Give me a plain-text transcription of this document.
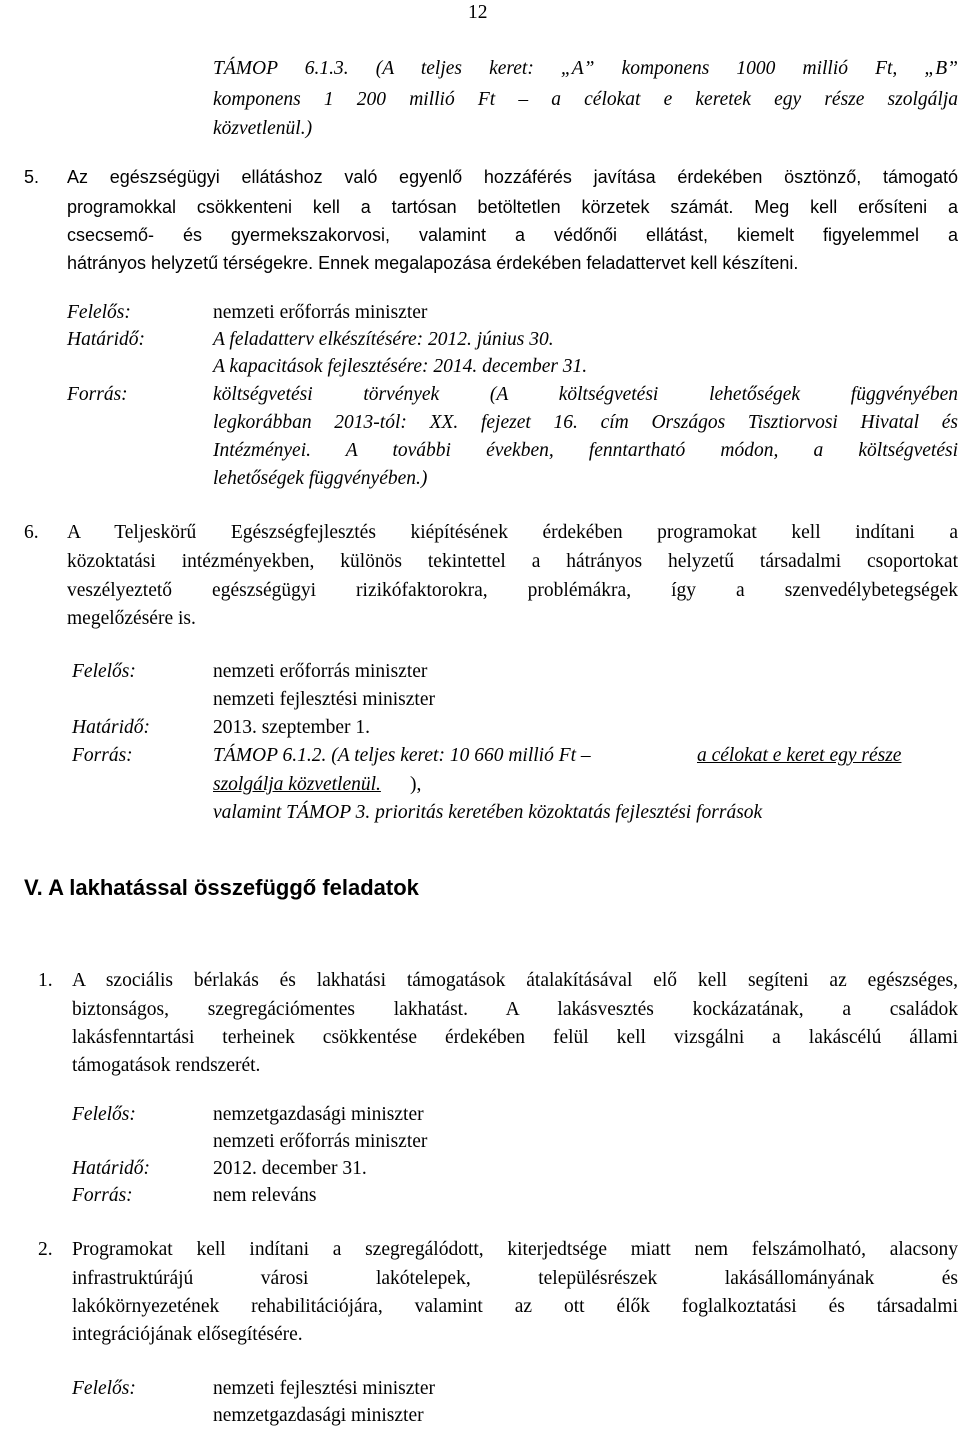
12
TÁMOP 6.1.3. (A teljes keret: „A” komponens 1000 millió Ft, „B”
komponens 1 200 millió Ft – a célokat e keretek egy része szolgálja
közvetlenül.)
5. Az egészségügyi ellátáshoz való egyenlő hozzáférés javítása érdekében ösztönző, támogató
programokkal csökkenteni kell a tartósan betöltetlen körzetek számát. Meg kell erősíteni a
csecsemő- és gyermekszakorvosi, valamint a védőnői ellátást, kiemelt figyelemmel a
hátrányos helyzetű térségekre. Ennek megalapozása érdekében feladattervet kell készíteni.
Felelős:	nemzeti erőforrás miniszter
Határidő:	A feladatterv elkészítésére: 2012. június 30.
A kapacitások fejlesztésére: 2014. december 31.
Forrás:	költségvetési törvények (A költségvetési lehetőségek függvényében
legkorábban 2013-tól: XX. fejezet 16. cím Országos Tisztiorvosi Hivatal és
Intézményei. A további években, fenntartható módon, a költségvetési
lehetőségek függvényében.)
6. A Teljeskörű Egészségfejlesztés kiépítésének érdekében programokat kell indítani a
közoktatási intézményekben, különös tekintettel a hátrányos helyzetű társadalmi csoportokat
veszélyeztető egészségügyi rizikófaktorokra, problémákra, így a szenvedélybetegségek
megelőzésére is.
Felelős:	nemzeti erőforrás miniszter
nemzeti fejlesztési miniszter
Határidő:	2013. szeptember 1.
Forrás:	TÁMOP 6.1.2. (A teljes keret: 10 660 millió Ft –	a célokat e keret egy része
szolgálja közvetlenül. ),
valamint TÁMOP 3. prioritás keretében közoktatás fejlesztési források
V. A lakhatással összefüggő feladatok
1. A szociális bérlakás és lakhatási támogatások átalakításával elő kell segíteni az egészséges,
biztonságos, szegregációmentes lakhatást. A lakásvesztés kockázatának, a családok
lakásfenntartási terheinek csökkentése érdekében felül kell vizsgálni a lakáscélú állami
támogatások rendszerét.
Felelős:	nemzetgazdasági miniszter
nemzeti erőforrás miniszter
Határidő:	2012. december 31.
Forrás:	nem releváns
2. Programokat kell indítani a szegregálódott, kiterjedtsége miatt nem felszámolható, alacsony
infrastruktúrájú városi lakótelepek, településrészek lakásállományának és
lakókörnyezetének rehabilitációjára, valamint az ott élők foglalkoztatási és társadalmi
integrációjának elősegítésére.
Felelős:	nemzeti fejlesztési miniszter
nemzetgazdasági miniszter
